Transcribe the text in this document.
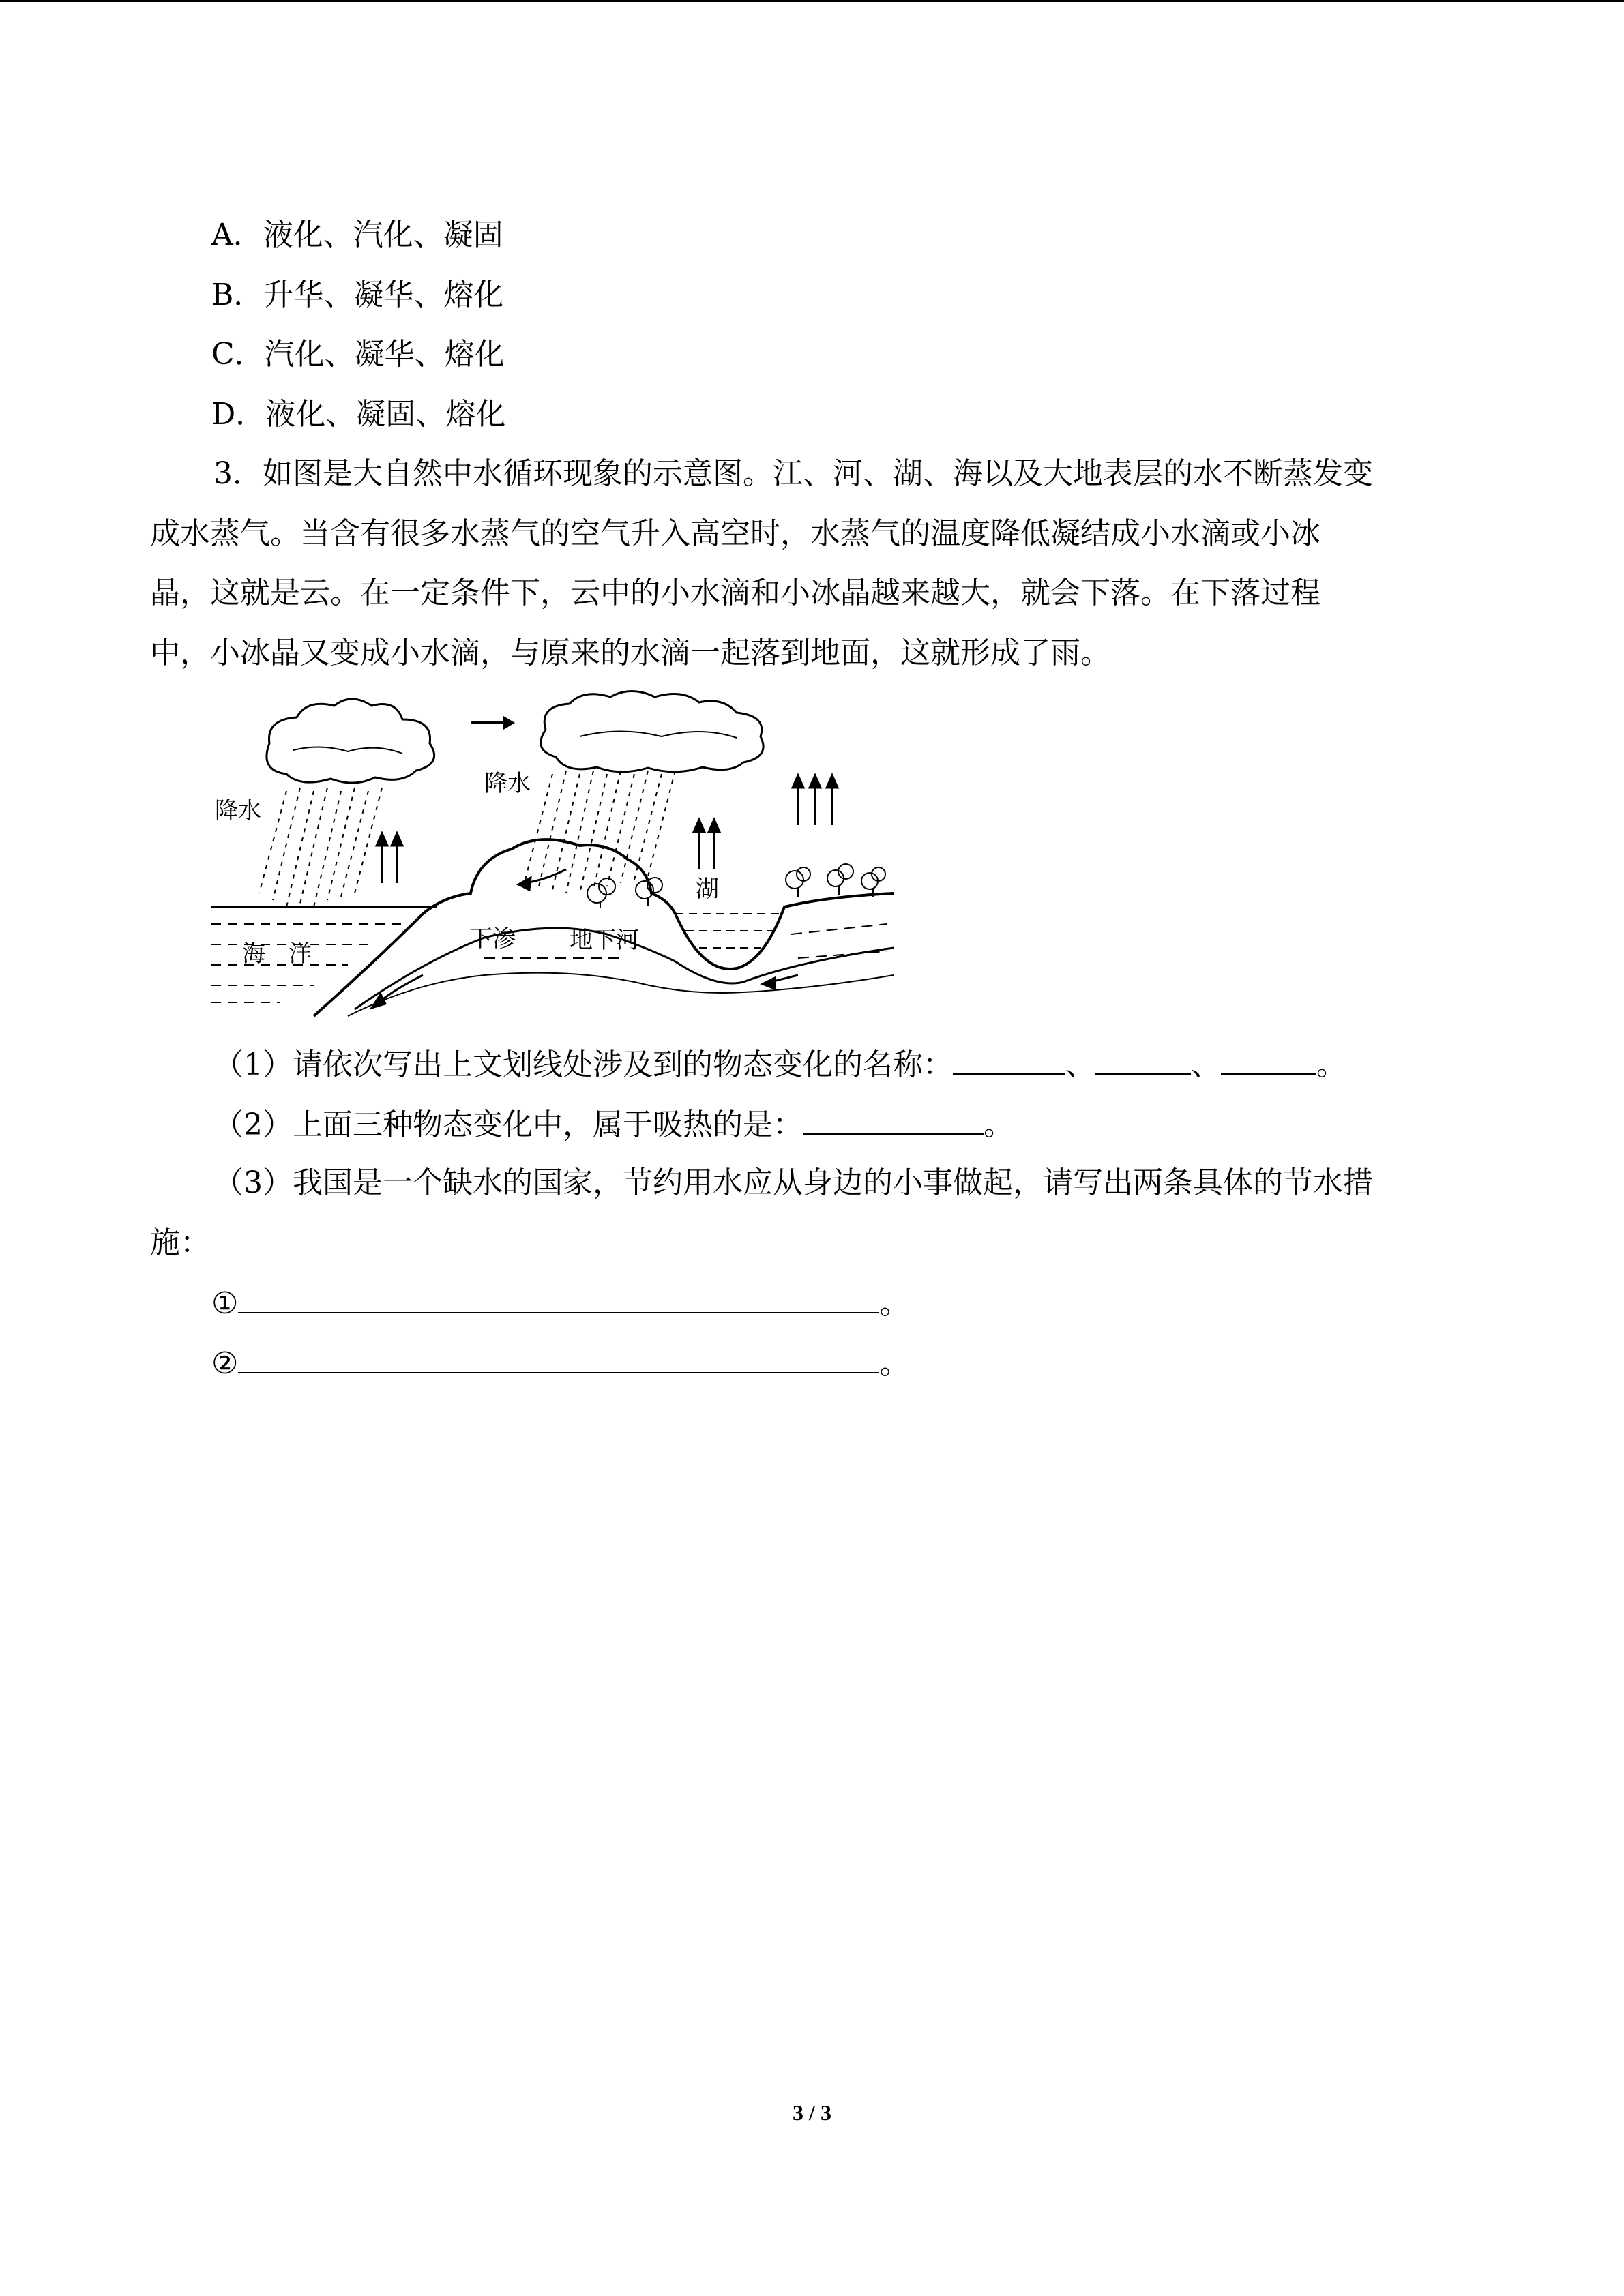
A．液化、汽化、凝固
B．升华、凝华、熔化
C．汽化、凝华、熔化
D．液化、凝固、熔化
3．如图是大自然中水循环现象的示意图。江、河、湖、海以及大地表层的水不断蒸发变
成水蒸气。当含有很多水蒸气的空气升入高空时，水蒸气的温度降低凝结成小水滴或小冰
晶，这就是云。在一定条件下，云中的小水滴和小冰晶越来越大，就会下落。在下落过程
中，小冰晶又变成小水滴，与原来的水滴一起落到地面，这就形成了雨。
降水
降水
湖
海　洋
下渗 地下河
（1）请依次写出上文划线处涉及到的物态变化的名称：	、	、	。
（2）上面三种物态变化中，属于吸热的是：	。
（3）我国是一个缺水的国家，节约用水应从身边的小事做起，请写出两条具体的节水措
施：
①	。
②	。
3 / 3
